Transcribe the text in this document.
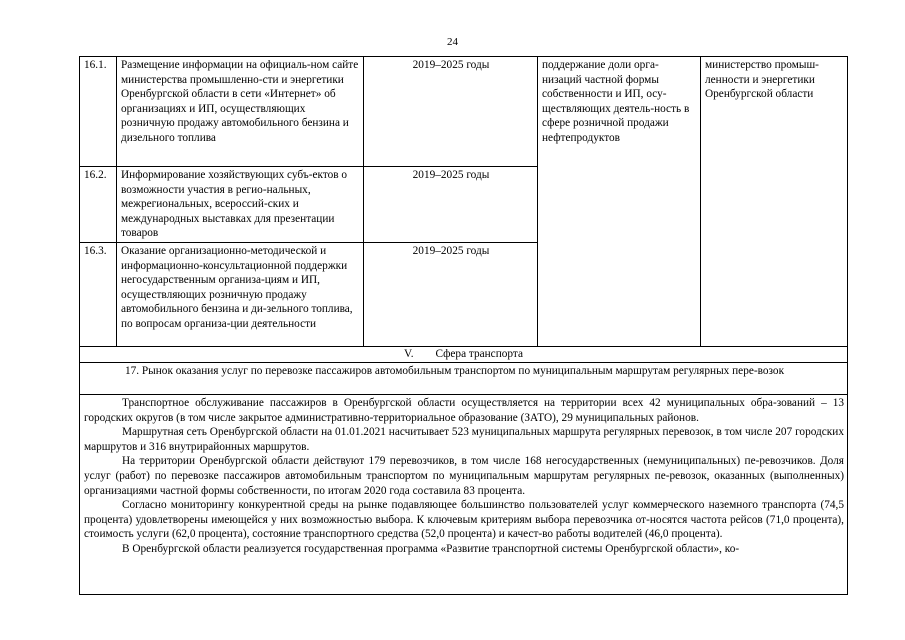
24
16.1.	Размещение информации на официаль-ном сайте министерства промышленно-сти и энергетики Оренбургской области в сети «Интернет» об организациях и ИП, осуществляющих розничную продажу автомобильного бензина и дизельного топлива	2019–2025 годы	поддержание доли орга-низаций частной формы собственности и ИП, осу-ществляющих деятель-ность в сфере розничной продажи нефтепродуктов	министерство промыш-ленности и энергетики Оренбургской области
16.2.	Информирование хозяйствующих субъ-ектов о возможности участия в регио-нальных, межрегиональных, всероссий-ских и международных выставках для презентации товаров	2019–2025 годы		
16.3.	Оказание организационно-методической и информационно-консультационной поддержки негосударственным организа-циям и ИП, осуществляющих розничную продажу автомобильного бензина и ди-зельного топлива, по вопросам организа-ции деятельности	2019–2025 годы		
V. Сфера транспорта				
17. Рынок оказания услуг по перевозке пассажиров автомобильным транспортом по муниципальным маршрутам регулярных пере-возок				

Транспортное обслуживание пассажиров в Оренбургской области осуществляется на территории всех 42 муниципальных обра-зований – 13 городских округов (в том числе закрытое административно-территориальное образование (ЗАТО), 29 муниципальных районов.

Маршрутная сеть Оренбургской области на 01.01.2021 насчитывает 523 муниципальных маршрута регулярных перевозок, в том числе 207 городских маршрутов и 316 внутрирайонных маршрутов.

На территории Оренбургской области действуют 179 перевозчиков, в том числе 168 негосударственных (немуниципальных) пе-ревозчиков. Доля услуг (работ) по перевозке пассажиров автомобильным транспортом по муниципальным маршрутам регулярных пе-ревозок, оказанных (выполненных) организациями частной формы собственности, по итогам 2020 года составила 83 процента.

Согласно мониторингу конкурентной среды на рынке подавляющее большинство пользователей услуг коммерческого наземного транспорта (74,5 процента) удовлетворены имеющейся у них возможностью выбора. К ключевым критериям выбора перевозчика от-носятся частота рейсов (71,0 процента), стоимость услуги (62,0 процента), состояние транспортного средства (52,0 процента) и качест-во работы водителей (46,0 процента).

В Оренбургской области реализуется государственная программа «Развитие транспортной системы Оренбургской области», ко-				
